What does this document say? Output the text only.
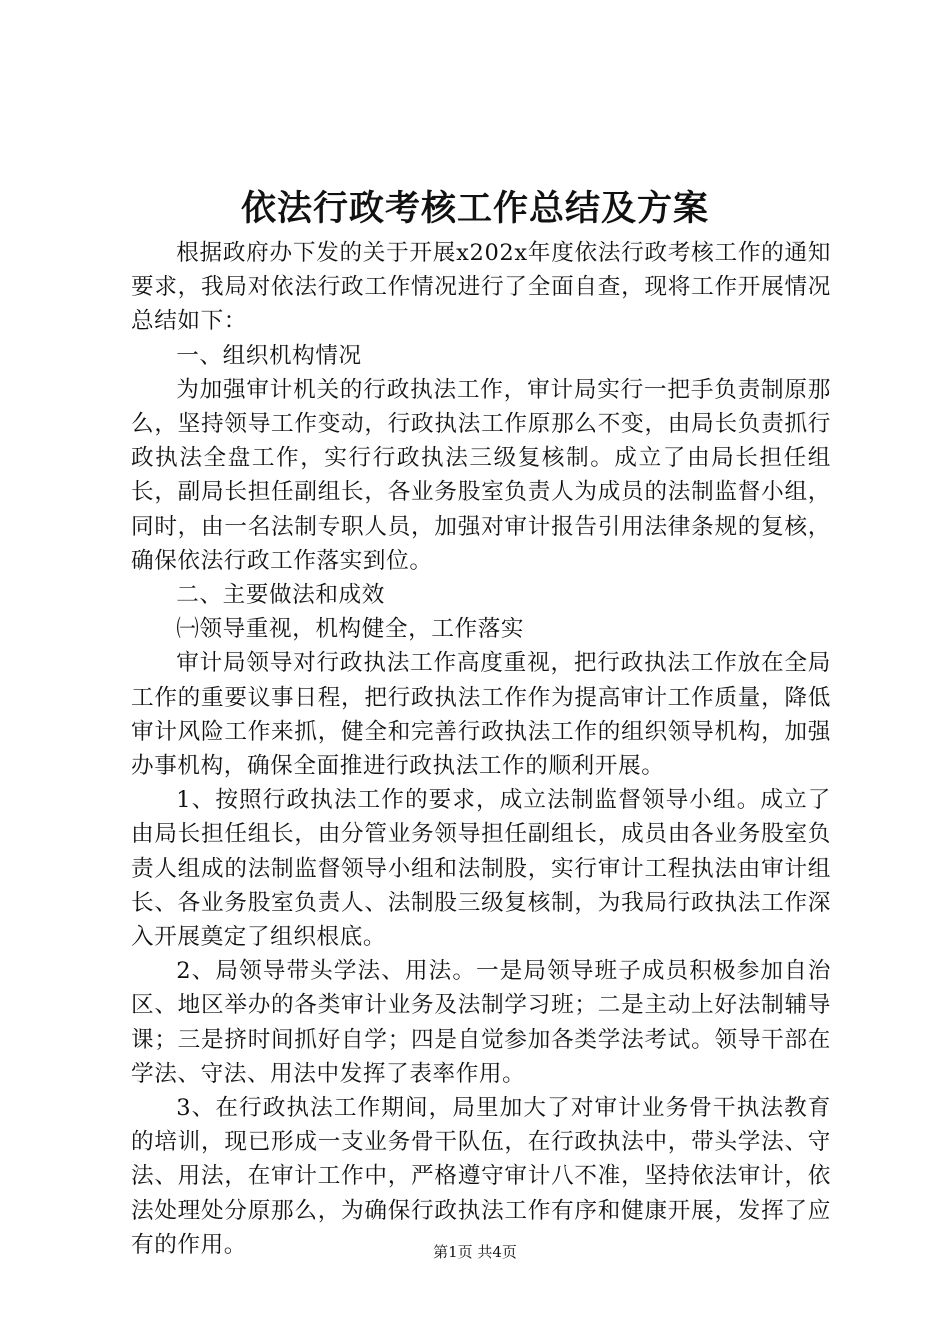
依法行政考核工作总结及方案

根据政府办下发的关于开展x202x年度依法行政考核工作的通知要求，我局对依法行政工作情况进行了全面自查，现将工作开展情况总结如下：

一、组织机构情况

为加强审计机关的行政执法工作，审计局实行一把手负责制原那么，坚持领导工作变动，行政执法工作原那么不变，由局长负责抓行政执法全盘工作，实行行政执法三级复核制。成立了由局长担任组长，副局长担任副组长，各业务股室负责人为成员的法制监督小组，同时，由一名法制专职人员，加强对审计报告引用法律条规的复核，确保依法行政工作落实到位。

二、主要做法和成效

㈠领导重视，机构健全，工作落实

审计局领导对行政执法工作高度重视，把行政执法工作放在全局工作的重要议事日程，把行政执法工作作为提高审计工作质量，降低审计风险工作来抓，健全和完善行政执法工作的组织领导机构，加强办事机构，确保全面推进行政执法工作的顺利开展。

1、按照行政执法工作的要求，成立法制监督领导小组。成立了由局长担任组长，由分管业务领导担任副组长，成员由各业务股室负责人组成的法制监督领导小组和法制股，实行审计工程执法由审计组长、各业务股室负责人、法制股三级复核制，为我局行政执法工作深入开展奠定了组织根底。

2、局领导带头学法、用法。一是局领导班子成员积极参加自治区、地区举办的各类审计业务及法制学习班；二是主动上好法制辅导课；三是挤时间抓好自学；四是自觉参加各类学法考试。领导干部在学法、守法、用法中发挥了表率作用。

3、在行政执法工作期间，局里加大了对审计业务骨干执法教育的培训，现已形成一支业务骨干队伍，在行政执法中，带头学法、守法、用法，在审计工作中，严格遵守审计八不准，坚持依法审计，依法处理处分原那么，为确保行政执法工作有序和健康开展，发挥了应有的作用。	第1页 共4页
